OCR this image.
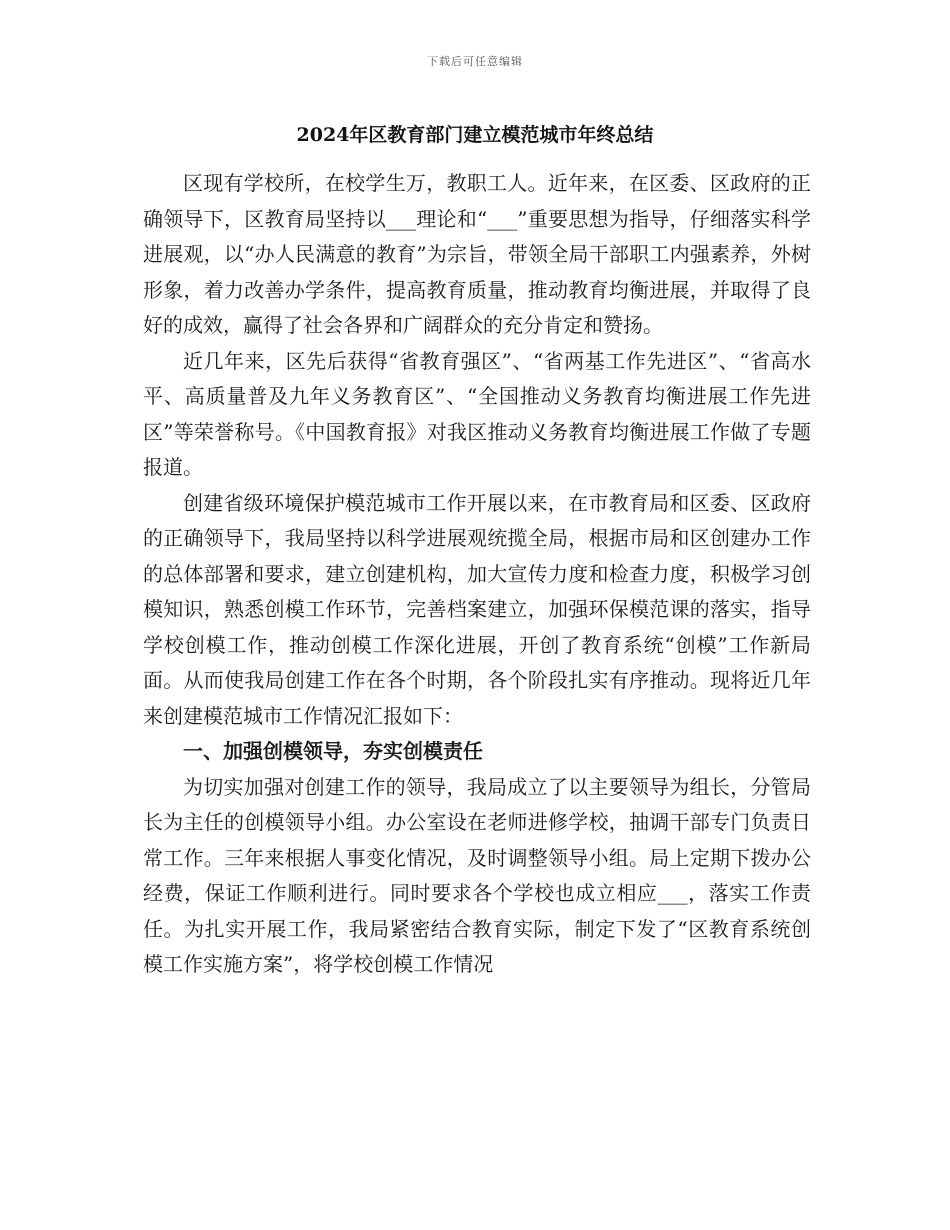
下载后可任意编辑
2024年区教育部门建立模范城市年终总结

区现有学校所，在校学生万，教职工人。近年来，在区委、区政府的正确领导下，区教育局坚持以___理论和“___”重要思想为指导，仔细落实科学进展观，以“办人民满意的教育”为宗旨，带领全局干部职工内强素养，外树形象，着力改善办学条件，提高教育质量，推动教育均衡进展，并取得了良好的成效，赢得了社会各界和广阔群众的充分肯定和赞扬。

近几年来，区先后获得“省教育强区”、“省两基工作先进区”、“省高水平、高质量普及九年义务教育区”、“全国推动义务教育均衡进展工作先进区”等荣誉称号。《中国教育报》对我区推动义务教育均衡进展工作做了专题报道。

创建省级环境保护模范城市工作开展以来，在市教育局和区委、区政府的正确领导下，我局坚持以科学进展观统揽全局，根据市局和区创建办工作的总体部署和要求，建立创建机构，加大宣传力度和检查力度，积极学习创模知识，熟悉创模工作环节，完善档案建立，加强环保模范课的落实，指导学校创模工作，推动创模工作深化进展，开创了教育系统“创模”工作新局面。从而使我局创建工作在各个时期，各个阶段扎实有序推动。现将近几年来创建模范城市工作情况汇报如下：

一、加强创模领导，夯实创模责任

为切实加强对创建工作的领导，我局成立了以主要领导为组长，分管局长为主任的创模领导小组。办公室设在老师进修学校，抽调干部专门负责日常工作。三年来根据人事变化情况，及时调整领导小组。局上定期下拨办公经费，保证工作顺利进行。同时要求各个学校也成立相应___，落实工作责任。为扎实开展工作，我局紧密结合教育实际，制定下发了“区教育系统创模工作实施方案”，将学校创模工作情况
